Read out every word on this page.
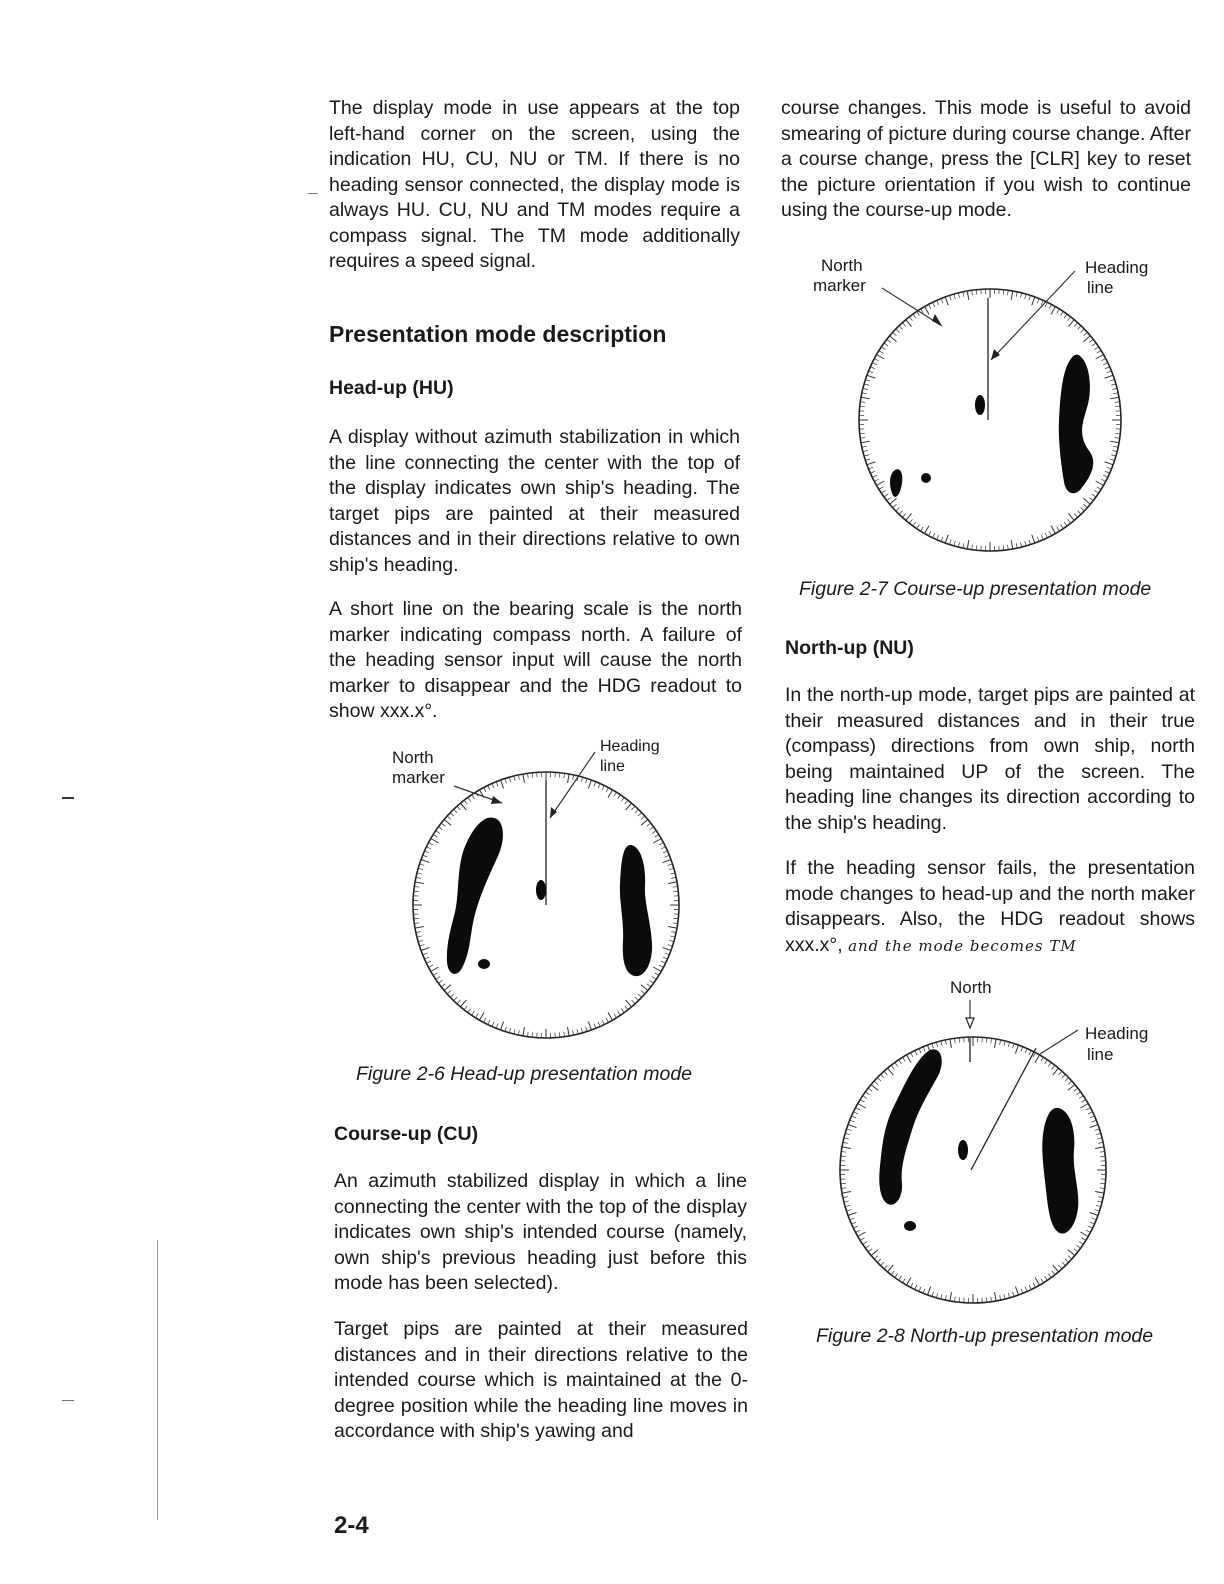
The display mode in use appears at the top left-hand corner on the screen, using the indication HU, CU, NU or TM. If there is no heading sensor connected, the display mode is always HU. CU, NU and TM modes require a compass signal. The TM mode additionally requires a speed signal.

Presentation mode description
Head-up (HU)

A display without azimuth stabilization in which the line connecting the center with the top of the display indicates own ship's heading. The target pips are painted at their measured distances and in their directions relative to own ship's heading.

A short line on the bearing scale is the north marker indicating compass north. A failure of the heading sensor input will cause the north marker to disappear and the HDG readout to show xxx.x°.

North
marker
Heading
line

Figure 2-6 Head-up presentation mode

Course-up (CU)

An azimuth stabilized display in which a line connecting the center with the top of the display indicates own ship's intended course (namely, own ship's previous heading just before this mode has been selected).

Target pips are painted at their measured distances and in their directions relative to the intended course which is maintained at the 0-degree position while the heading line moves in accordance with ship's yawing and

course changes. This mode is useful to avoid smearing of picture during course change. After a course change, press the [CLR] key to reset the picture orientation if you wish to continue using the course-up mode.

North
marker
Heading
line

Figure 2-7 Course-up presentation mode

North-up (NU)

In the north-up mode, target pips are painted at their measured distances and in their true (compass) directions from own ship, north being maintained UP of the screen. The heading line changes its direction according to the ship's heading.

If the heading sensor fails, the presentation mode changes to head-up and the north maker disappears. Also, the HDG readout shows xxx.x°, and the mode becomes TM

North
Heading
line

Figure 2-8 North-up presentation mode

2-4
